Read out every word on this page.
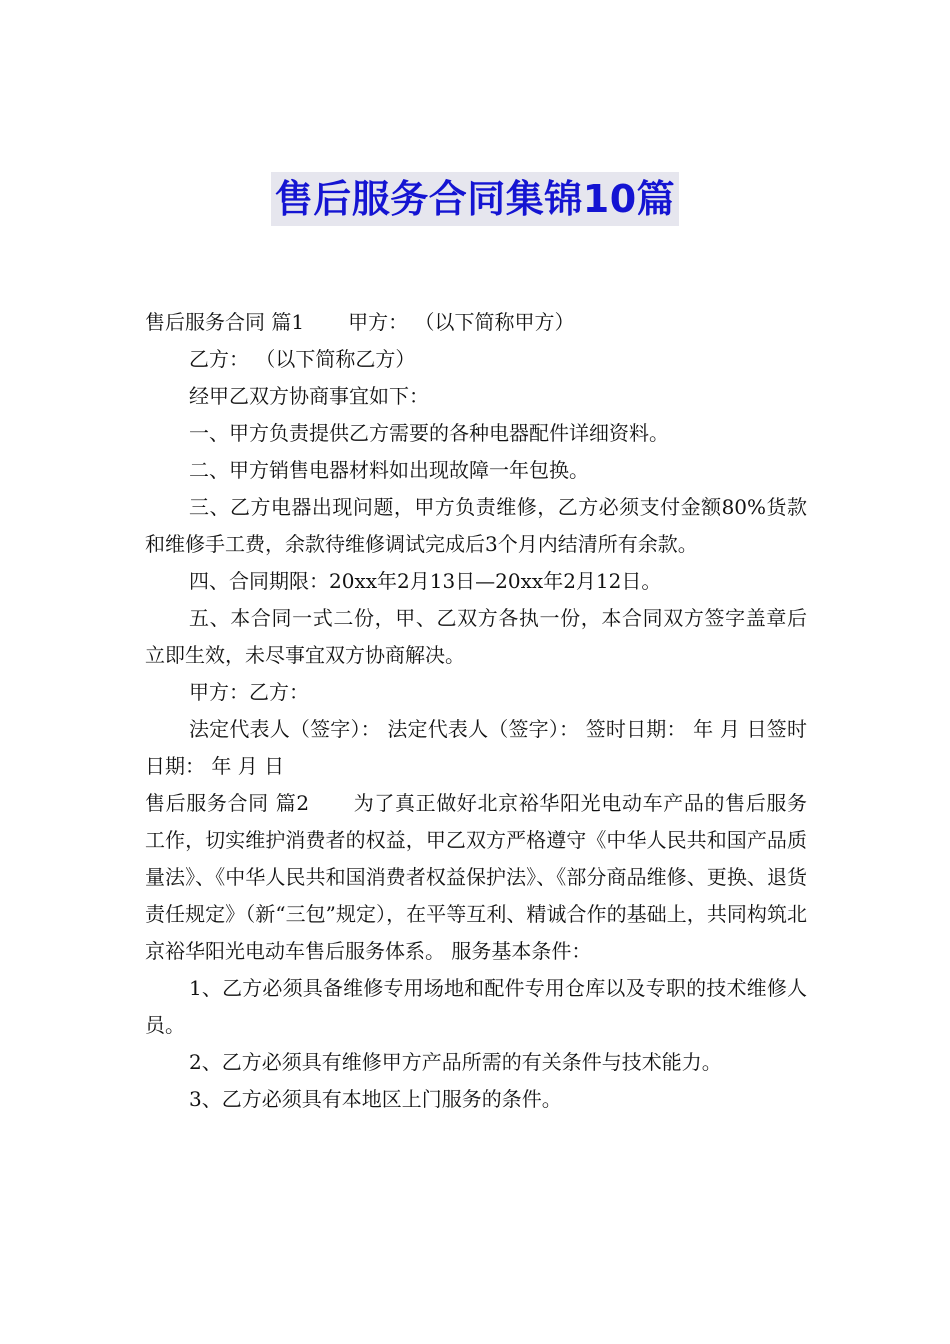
售后服务合同集锦10篇

售后服务合同 篇1 甲方： （以下简称甲方）

乙方： （以下简称乙方）

经甲乙双方协商事宜如下：

一、甲方负责提供乙方需要的各种电器配件详细资料。

二、甲方销售电器材料如出现故障一年包换。

三、乙方电器出现问题，甲方负责维修，乙方必须支付金额80%货款和维修手工费，余款待维修调试完成后3个月内结清所有余款。

四、合同期限：20xx年2月13日—20xx年2月12日。

五、本合同一式二份，甲、乙双方各执一份，本合同双方签字盖章后立即生效，未尽事宜双方协商解决。

甲方：乙方：

法定代表人（签字）： 法定代表人（签字）： 签时日期： 年 月 日签时日期： 年 月 日

售后服务合同 篇2 为了真正做好北京裕华阳光电动车产品的售后服务工作，切实维护消费者的权益，甲乙双方严格遵守《中华人民共和国产品质量法》、《中华人民共和国消费者权益保护法》、《部分商品维修、更换、退货责任规定》（新“三包”规定），在平等互利、精诚合作的基础上，共同构筑北京裕华阳光电动车售后服务体系。 服务基本条件：

1、乙方必须具备维修专用场地和配件专用仓库以及专职的技术维修人员。

2、乙方必须具有维修甲方产品所需的有关条件与技术能力。

3、乙方必须具有本地区上门服务的条件。
